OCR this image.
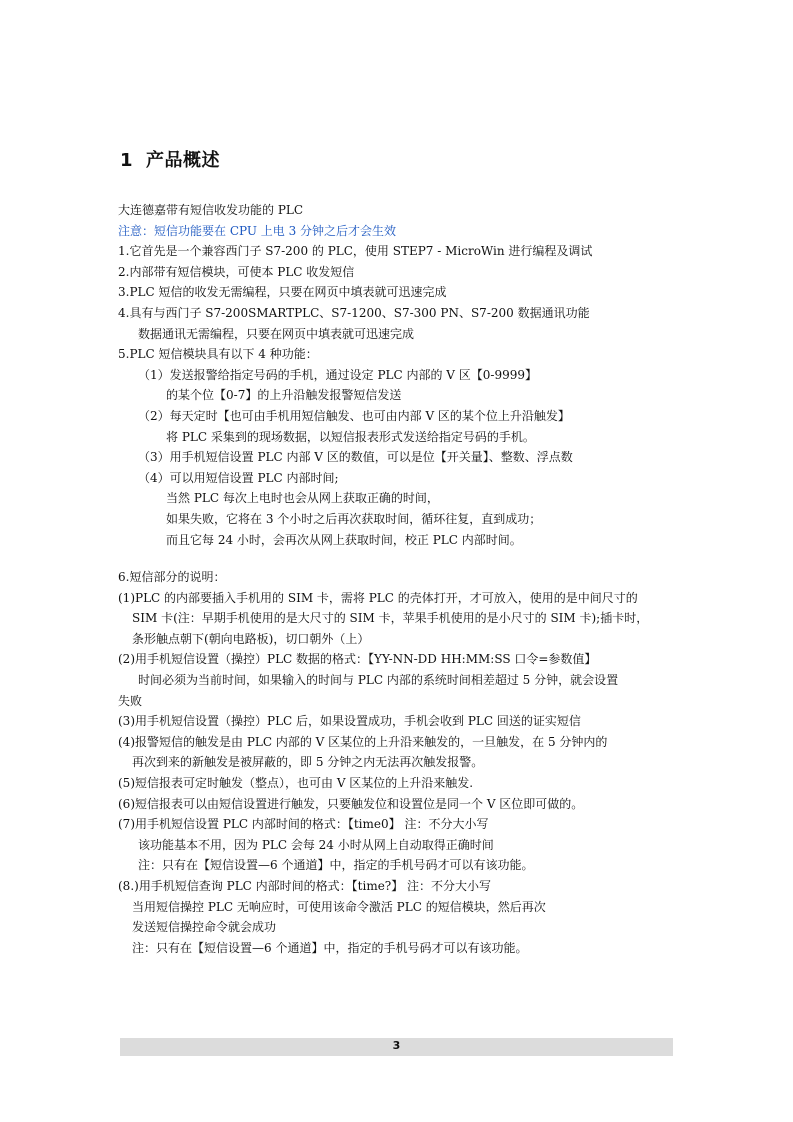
1 产品概述
大连德嘉带有短信收发功能的 PLC
注意：短信功能要在 CPU 上电 3 分钟之后才会生效
1.它首先是一个兼容西门子 S7-200 的 PLC，使用 STEP7 - MicroWin 进行编程及调试
2.内部带有短信模块，可使本 PLC 收发短信
3.PLC 短信的收发无需编程，只要在网页中填表就可迅速完成
4.具有与西门子 S7-200SMARTPLC、S7-1200、S7-300 PN、S7-200 数据通讯功能
数据通讯无需编程，只要在网页中填表就可迅速完成
5.PLC 短信模块具有以下 4 种功能：
（1）发送报警给指定号码的手机，通过设定 PLC 内部的 V 区【0-9999】
的某个位【0-7】的上升沿触发报警短信发送
（2）每天定时【也可由手机用短信触发、也可由内部 V 区的某个位上升沿触发】
将 PLC 采集到的现场数据，以短信报表形式发送给指定号码的手机。
（3）用手机短信设置 PLC 内部 V 区的数值，可以是位【开关量】、整数、浮点数
（4）可以用短信设置 PLC 内部时间;
当然 PLC 每次上电时也会从网上获取正确的时间，
如果失败，它将在 3 个小时之后再次获取时间，循环往复，直到成功；
而且它每 24 小时，会再次从网上获取时间，校正 PLC 内部时间。
6.短信部分的说明：
(1)PLC 的内部要插入手机用的 SIM 卡，需将 PLC 的壳体打开，才可放入，使用的是中间尺寸的
SIM 卡(注：早期手机使用的是大尺寸的 SIM 卡，苹果手机使用的是小尺寸的 SIM 卡);插卡时，
条形触点朝下(朝向电路板)，切口朝外（上）
(2)用手机短信设置（操控）PLC 数据的格式：【YY-NN-DD HH:MM:SS 口令=参数值】
时间必须为当前时间，如果输入的时间与 PLC 内部的系统时间相差超过 5 分钟，就会设置
失败
(3)用手机短信设置（操控）PLC 后，如果设置成功，手机会收到 PLC 回送的证实短信
(4)报警短信的触发是由 PLC 内部的 V 区某位的上升沿来触发的，一旦触发，在 5 分钟内的
再次到来的新触发是被屏蔽的，即 5 分钟之内无法再次触发报警。
(5)短信报表可定时触发（整点），也可由 V 区某位的上升沿来触发.
(6)短信报表可以由短信设置进行触发，只要触发位和设置位是同一个 V 区位即可做的。
(7)用手机短信设置 PLC 内部时间的格式：【time0】 注：不分大小写
该功能基本不用，因为 PLC 会每 24 小时从网上自动取得正确时间
注：只有在【短信设置—6 个通道】中，指定的手机号码才可以有该功能。
(8.)用手机短信查询 PLC 内部时间的格式：【time?】 注：不分大小写
当用短信操控 PLC 无响应时，可使用该命令激活 PLC 的短信模块，然后再次
发送短信操控命令就会成功
注：只有在【短信设置—6 个通道】中，指定的手机号码才可以有该功能。
3
